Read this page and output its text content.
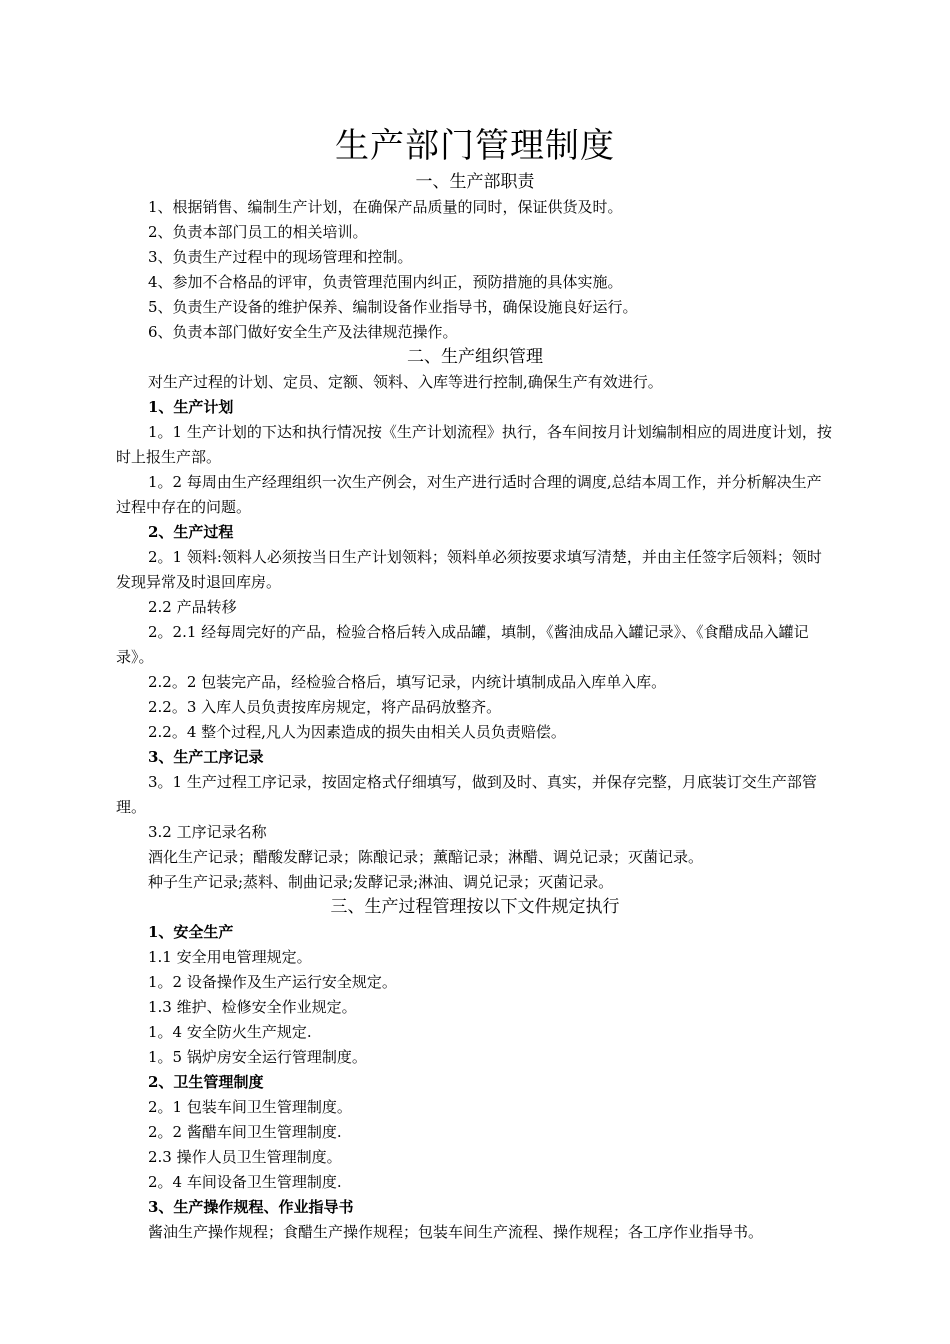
生产部门管理制度
一、生产部职责

1、根据销售、编制生产计划，在确保产品质量的同时，保证供货及时。

2、负责本部门员工的相关培训。

3、负责生产过程中的现场管理和控制。

4、参加不合格品的评审，负责管理范围内纠正，预防措施的具体实施。

5、负责生产设备的维护保养、编制设备作业指导书，确保设施良好运行。

6、负责本部门做好安全生产及法律规范操作。

二、生产组织管理

对生产过程的计划、定员、定额、领料、入库等进行控制,确保生产有效进行。

1、生产计划

1。1 生产计划的下达和执行情况按《生产计划流程》执行，各车间按月计划编制相应的周进度计划，按时上报生产部。

1。2 每周由生产经理组织一次生产例会，对生产进行适时合理的调度,总结本周工作，并分析解决生产过程中存在的问题。

2、生产过程

2。1 领料:领料人必须按当日生产计划领料；领料单必须按要求填写清楚，并由主任签字后领料；领时发现异常及时退回库房。

2.2 产品转移

2。2.1 经每周完好的产品，检验合格后转入成品罐，填制，《酱油成品入罐记录》、《食醋成品入罐记录》。

2.2。2 包装完产品，经检验合格后，填写记录，内统计填制成品入库单入库。

2.2。3 入库人员负责按库房规定，将产品码放整齐。

2.2。4 整个过程,凡人为因素造成的损失由相关人员负责赔偿。

3、生产工序记录

3。1 生产过程工序记录，按固定格式仔细填写，做到及时、真实，并保存完整，月底装订交生产部管理。

3.2 工序记录名称

酒化生产记录；醋酸发酵记录；陈酿记录；薰醅记录；淋醋、调兑记录；灭菌记录。

种子生产记录;蒸料、制曲记录;发酵记录;淋油、调兑记录；灭菌记录。

三、生产过程管理按以下文件规定执行

1、安全生产

1.1 安全用电管理规定。

1。2 设备操作及生产运行安全规定。

1.3 维护、检修安全作业规定。

1。4 安全防火生产规定.

1。5 锅炉房安全运行管理制度。

2、卫生管理制度

2。1 包装车间卫生管理制度。

2。2 酱醋车间卫生管理制度.

2.3 操作人员卫生管理制度。

2。4 车间设备卫生管理制度.

3、生产操作规程、作业指导书

酱油生产操作规程；食醋生产操作规程；包装车间生产流程、操作规程；各工序作业指导书。
